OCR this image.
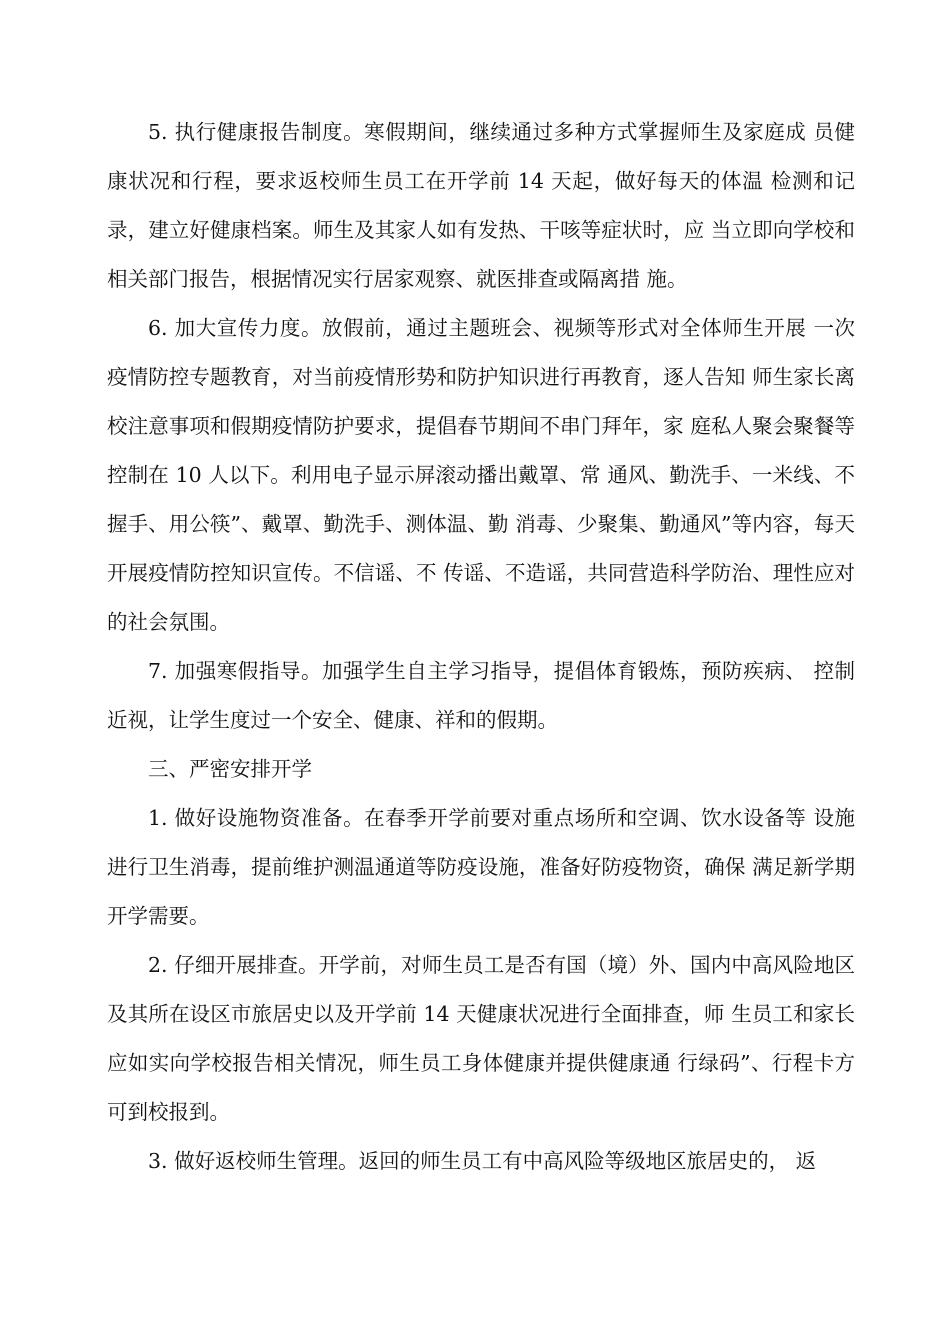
5. 执行健康报告制度。寒假期间，继续通过多种方式掌握师生及家庭成 员健康状况和行程，要求返校师生员工在开学前 14 天起，做好每天的体温 检测和记录，建立好健康档案。师生及其家人如有发热、干咳等症状时，应 当立即向学校和相关部门报告，根据情况实行居家观察、就医排查或隔离措 施。

6. 加大宣传力度。放假前，通过主题班会、视频等形式对全体师生开展 一次疫情防控专题教育，对当前疫情形势和防护知识进行再教育，逐人告知 师生家长离校注意事项和假期疫情防护要求，提倡春节期间不串门拜年，家 庭私人聚会聚餐等控制在 10 人以下。利用电子显示屏滚动播出戴罩、常 通风、勤洗手、一米线、不握手、用公筷”、戴罩、勤洗手、测体温、勤 消毒、少聚集、勤通风”等内容，每天开展疫情防控知识宣传。不信谣、不 传谣、不造谣，共同营造科学防治、理性应对的社会氛围。

7. 加强寒假指导。加强学生自主学习指导，提倡体育锻炼，预防疾病、 控制近视，让学生度过一个安全、健康、祥和的假期。

三、严密安排开学

1. 做好设施物资准备。在春季开学前要对重点场所和空调、饮水设备等 设施进行卫生消毒，提前维护测温通道等防疫设施，准备好防疫物资，确保 满足新学期开学需要。

2. 仔细开展排查。开学前，对师生员工是否有国（境）外、国内中高风险地区及其所在设区市旅居史以及开学前 14 天健康状况进行全面排查，师 生员工和家长应如实向学校报告相关情况，师生员工身体健康并提供健康通 行绿码”、行程卡方可到校报到。

3. 做好返校师生管理。返回的师生员工有中高风险等级地区旅居史的， 返
